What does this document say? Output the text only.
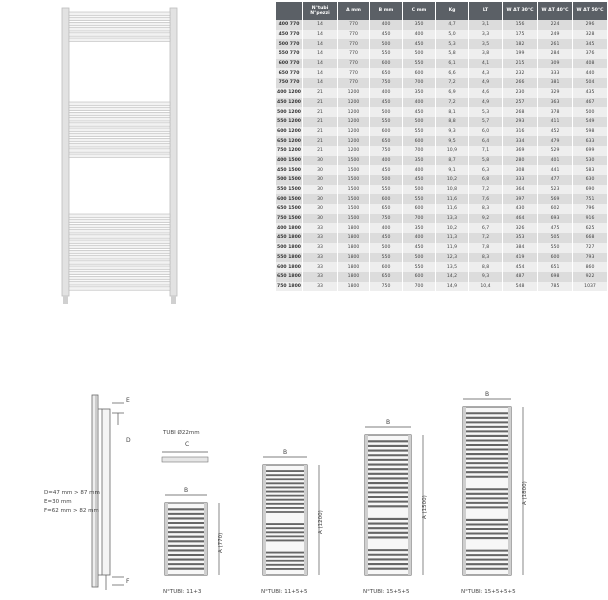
	N°tubi
N°pezzi	A mm	B mm	C mm	Kg	LT	W ΔT 30°C	W ΔT 40°C	W ΔT 50°C
400 770	14	770	400	350	4,7	3,1	156	224	296
450 770	14	770	450	400	5,0	3,3	175	249	328
500 770	14	770	500	450	5,3	3,5	182	261	345
550 770	14	770	550	500	5,8	3,8	199	284	376
600 770	14	770	600	550	6,1	4,1	215	309	408
650 770	14	770	650	600	6,6	4,3	232	333	440
750 770	14	770	750	700	7,2	4,9	266	381	504
400 1200	21	1200	400	350	6,9	4,6	230	329	435
450 1200	21	1200	450	400	7,2	4,9	257	363	467
500 1200	21	1200	500	450	8,1	5,3	268	378	500
550 1200	21	1200	550	500	8,8	5,7	293	411	549
600 1200	21	1200	600	550	9,3	6,0	316	452	598
650 1200	21	1200	650	600	9,5	6,4	334	479	633
750 1200	21	1200	750	700	10,9	7,1	369	529	699
400 1500	30	1500	400	350	8,7	5,8	280	401	530
450 1500	30	1500	450	400	9,1	6,3	308	441	583
500 1500	30	1500	500	450	10,2	6,8	333	477	630
550 1500	30	1500	550	500	10,8	7,2	364	523	690
600 1500	30	1500	600	550	11,6	7,6	397	569	751
650 1500	30	1500	650	600	11,6	8,3	430	602	796
750 1500	30	1500	750	700	13,3	9,2	464	693	916
400 1800	33	1800	400	350	10,2	6,7	326	475	625
450 1800	33	1800	450	400	11,3	7,2	353	505	668
500 1800	33	1800	500	450	11,9	7,8	384	550	727
550 1800	33	1800	550	500	12,3	8,3	419	600	793
600 1800	33	1800	600	550	13,5	8,8	454	651	860
650 1800	33	1800	650	600	14,2	9,3	487	698	922
750 1800	33	1800	750	700	14,9	10,4	548	785	1037
E
D
F
D=47 mm > 87 mm
E=30 mm
F=62 mm > 82 mm
TUBI Ø22mm
C
B
A (770)
N°TUBI: 11+3
B
A (1200)
N°TUBI: 11+5+5
B
A (1500)
N°TUBI: 15+5+5
B
A (1800)
N°TUBI: 15+5+5+5
